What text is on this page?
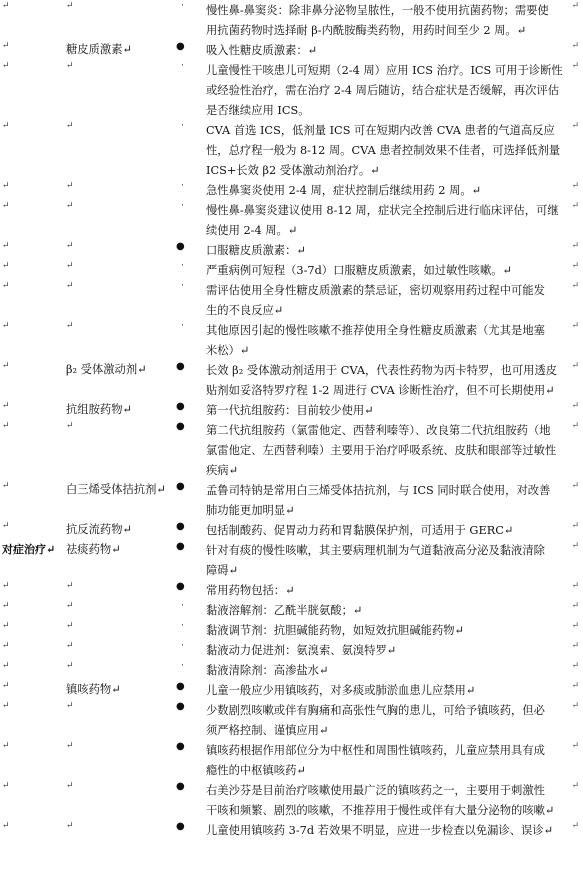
↵	↵	· 慢性鼻-鼻窦炎：除非鼻分泌物呈脓性，一般不使用抗菌药物；需要使
用抗菌药物时选择耐 β-内酰胺酶类药物，用药时间至少 2 周。↵
↵
↵	糖皮质激素↵	● 吸入性糖皮质激素：↵	↵
↵	↵	· 儿童慢性干咳患儿可短期（2-4 周）应用 ICS 治疗。ICS 可用于诊断性
或经验性治疗，需在治疗 2-4 周后随访，结合症状是否缓解，再次评估
是否继续应用 ICS。
↵
↵	↵	· CVA 首选 ICS，低剂量 ICS 可在短期内改善 CVA 患者的气道高反应
性，总疗程一般为 8-12 周。CVA 患者控制效果不佳者，可选择低剂量
ICS+长效 β2 受体激动剂治疗。↵
↵
↵	↵	· 急性鼻窦炎使用 2-4 周，症状控制后继续用药 2 周。↵	↵
↵	↵	· 慢性鼻-鼻窦炎建议使用 8-12 周，症状完全控制后进行临床评估，可继
续使用 2-4 周。↵
↵
↵	↵	● 口服糖皮质激素：↵	↵
↵	↵	· 严重病例可短程（3-7d）口服糖皮质激素，如过敏性咳嗽。↵	↵
↵	↵	· 需评估使用全身性糖皮质激素的禁忌证，密切观察用药过程中可能发
生的不良反应↵
↵
↵	↵	· 其他原因引起的慢性咳嗽不推荐使用全身性糖皮质激素（尤其是地塞
米松）↵
↵
↵	β₂ 受体激动剂↵	● 长效 β₂ 受体激动剂适用于 CVA，代表性药物为丙卡特罗，也可用透皮
贴剂如妥洛特罗疗程 1-2 周进行 CVA 诊断性治疗，但不可长期使用↵
↵
↵	抗组胺药物↵	● 第一代抗组胺药：目前较少使用↵	↵
↵	↵	● 第二代抗组胺药（氯雷他定、西替利嗪等）、改良第二代抗组胺药（地
氯雷他定、左西替利嗪）主要用于治疗呼吸系统、皮肤和眼部等过敏性
疾病↵
↵
↵	白三烯受体拮抗剂↵ ● 孟鲁司特钠是常用白三烯受体拮抗剂，与 ICS 同时联合使用，对改善
肺功能更加明显↵
↵
↵	抗反流药物↵	● 包括制酸药、促胃动力药和胃黏膜保护剂，可适用于 GERC↵	↵
对症治疗↵ 祛痰药物↵	● 针对有痰的慢性咳嗽，其主要病理机制为气道黏液高分泌及黏液清除
障碍↵
↵
↵	↵	● 常用药物包括：↵	↵
↵	↵	· 黏液溶解剂：乙酰半胱氨酸；↵	↵
↵	↵	· 黏液调节剂：抗胆碱能药物，如短效抗胆碱能药物↵	↵
↵	↵	· 黏液动力促进剂：氨溴索、氨溴特罗↵	↵
↵	↵	· 黏液清除剂：高渗盐水↵	↵
↵	镇咳药物↵	● 儿童一般应少用镇咳药，对多痰或肺淤血患儿应禁用↵	↵
↵	↵	● 少数剧烈咳嗽或伴有胸痛和高张性气胸的患儿，可给予镇咳药，但必
须严格控制、谨慎应用↵
↵
↵	↵	● 镇咳药根据作用部位分为中枢性和周围性镇咳药，儿童应禁用具有成
瘾性的中枢镇咳药↵
↵
↵	↵	● 右美沙芬是目前治疗咳嗽使用最广泛的镇咳药之一，主要用于刺激性
干咳和频繁、剧烈的咳嗽，不推荐用于慢性或伴有大量分泌物的咳嗽↵
↵
↵	↵	● 儿童使用镇咳药 3-7d 若效果不明显，应进一步检查以免漏诊、误诊↵	↵
